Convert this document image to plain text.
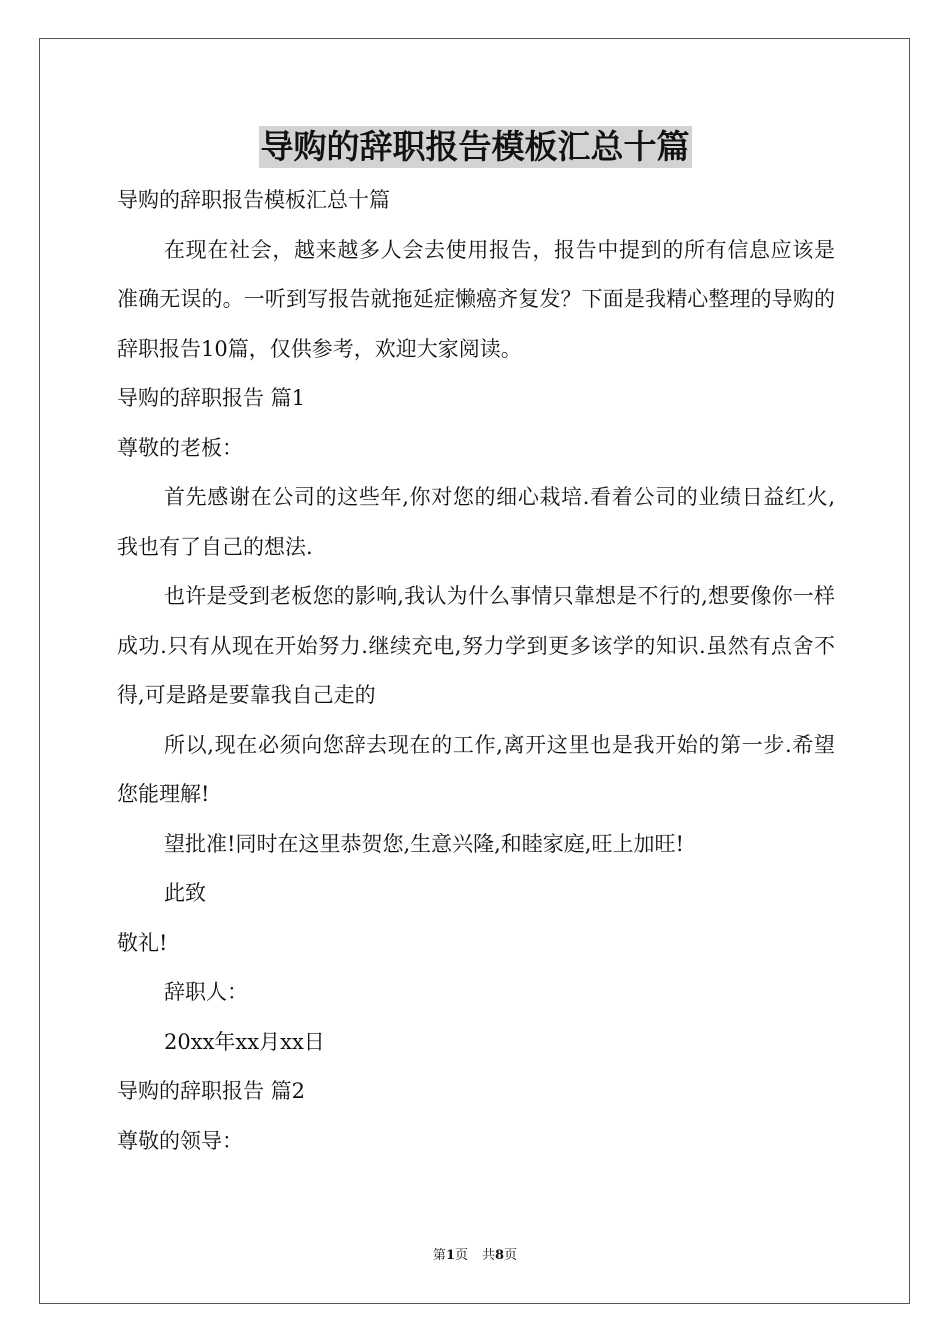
导购的辞职报告模板汇总十篇

导购的辞职报告模板汇总十篇

在现在社会，越来越多人会去使用报告，报告中提到的所有信息应该是准确无误的。一听到写报告就拖延症懒癌齐复发？下面是我精心整理的导购的辞职报告10篇，仅供参考，欢迎大家阅读。

导购的辞职报告 篇1

尊敬的老板：

首先感谢在公司的这些年,你对您的细心栽培.看着公司的业绩日益红火,我也有了自己的想法.

也许是受到老板您的影响,我认为什么事情只靠想是不行的,想要像你一样成功.只有从现在开始努力.继续充电,努力学到更多该学的知识.虽然有点舍不得,可是路是要靠我自己走的

所以,现在必须向您辞去现在的工作,离开这里也是我开始的第一步.希望您能理解!

望批准!同时在这里恭贺您,生意兴隆,和睦家庭,旺上加旺!

此致

敬礼!

辞职人：

20xx年xx月xx日

导购的辞职报告 篇2

尊敬的领导：

第1页 共8页
